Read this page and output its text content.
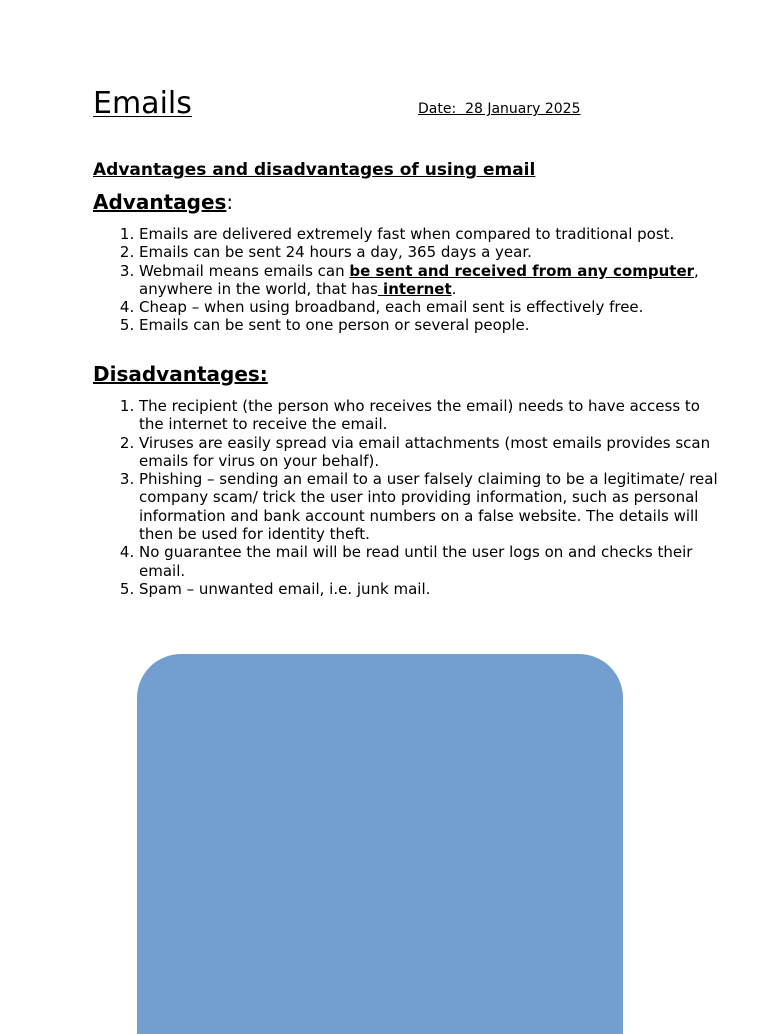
Emails	Date:  28 January 2025
Advantages and disadvantages of using email
Advantages:
1. Emails are delivered extremely fast when compared to traditional post.
2. Emails can be sent 24 hours a day, 365 days a year.
3. Webmail means emails can be sent and received from any computer, anywhere in the world, that has internet.
4. Cheap – when using broadband, each email sent is effectively free.
5. Emails can be sent to one person or several people.
Disadvantages:
1. The recipient (the person who receives the email) needs to have access to the internet to receive the email.
2. Viruses are easily spread via email attachments (most emails provides scan emails for virus on your behalf).
3. Phishing – sending an email to a user falsely claiming to be a legitimate/ real company scam/ trick the user into providing information, such as personal information and bank account numbers on a false website. The details will then be used for identity theft.
4. No guarantee the mail will be read until the user logs on and checks their email.
5. Spam – unwanted email, i.e. junk mail.
